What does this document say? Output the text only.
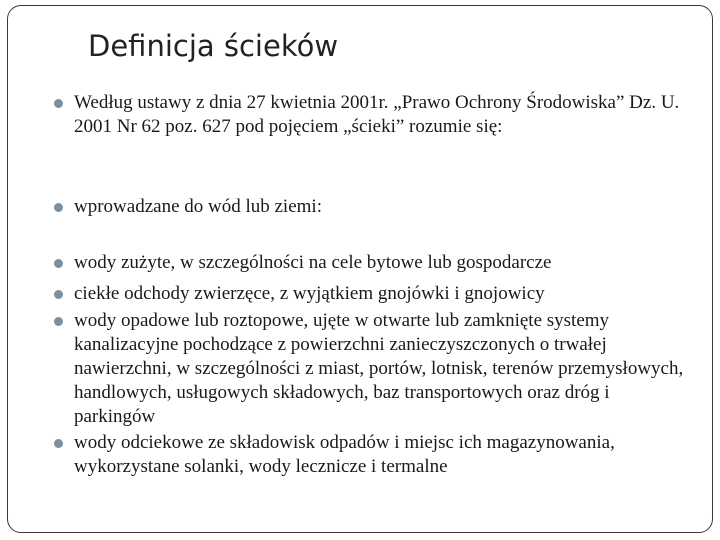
Definicja ścieków
Według ustawy z dnia 27 kwietnia 2001r. „Prawo Ochrony Środowiska” Dz. U. 2001 Nr 62 poz. 627 pod pojęciem „ścieki” rozumie się:
wprowadzane do wód lub ziemi:
wody zużyte, w szczególności na cele bytowe lub gospodarcze
ciekłe odchody zwierzęce, z wyjątkiem gnojówki i gnojowicy
wody opadowe lub roztopowe, ujęte w otwarte lub zamknięte systemy kanalizacyjne pochodzące z powierzchni zanieczyszczonych o trwałej nawierzchni, w szczególności z miast, portów, lotnisk, terenów przemysłowych, handlowych, usługowych składowych, baz transportowych oraz dróg i parkingów
wody odciekowe ze składowisk odpadów i miejsc ich magazynowania, wykorzystane solanki, wody lecznicze i termalne
